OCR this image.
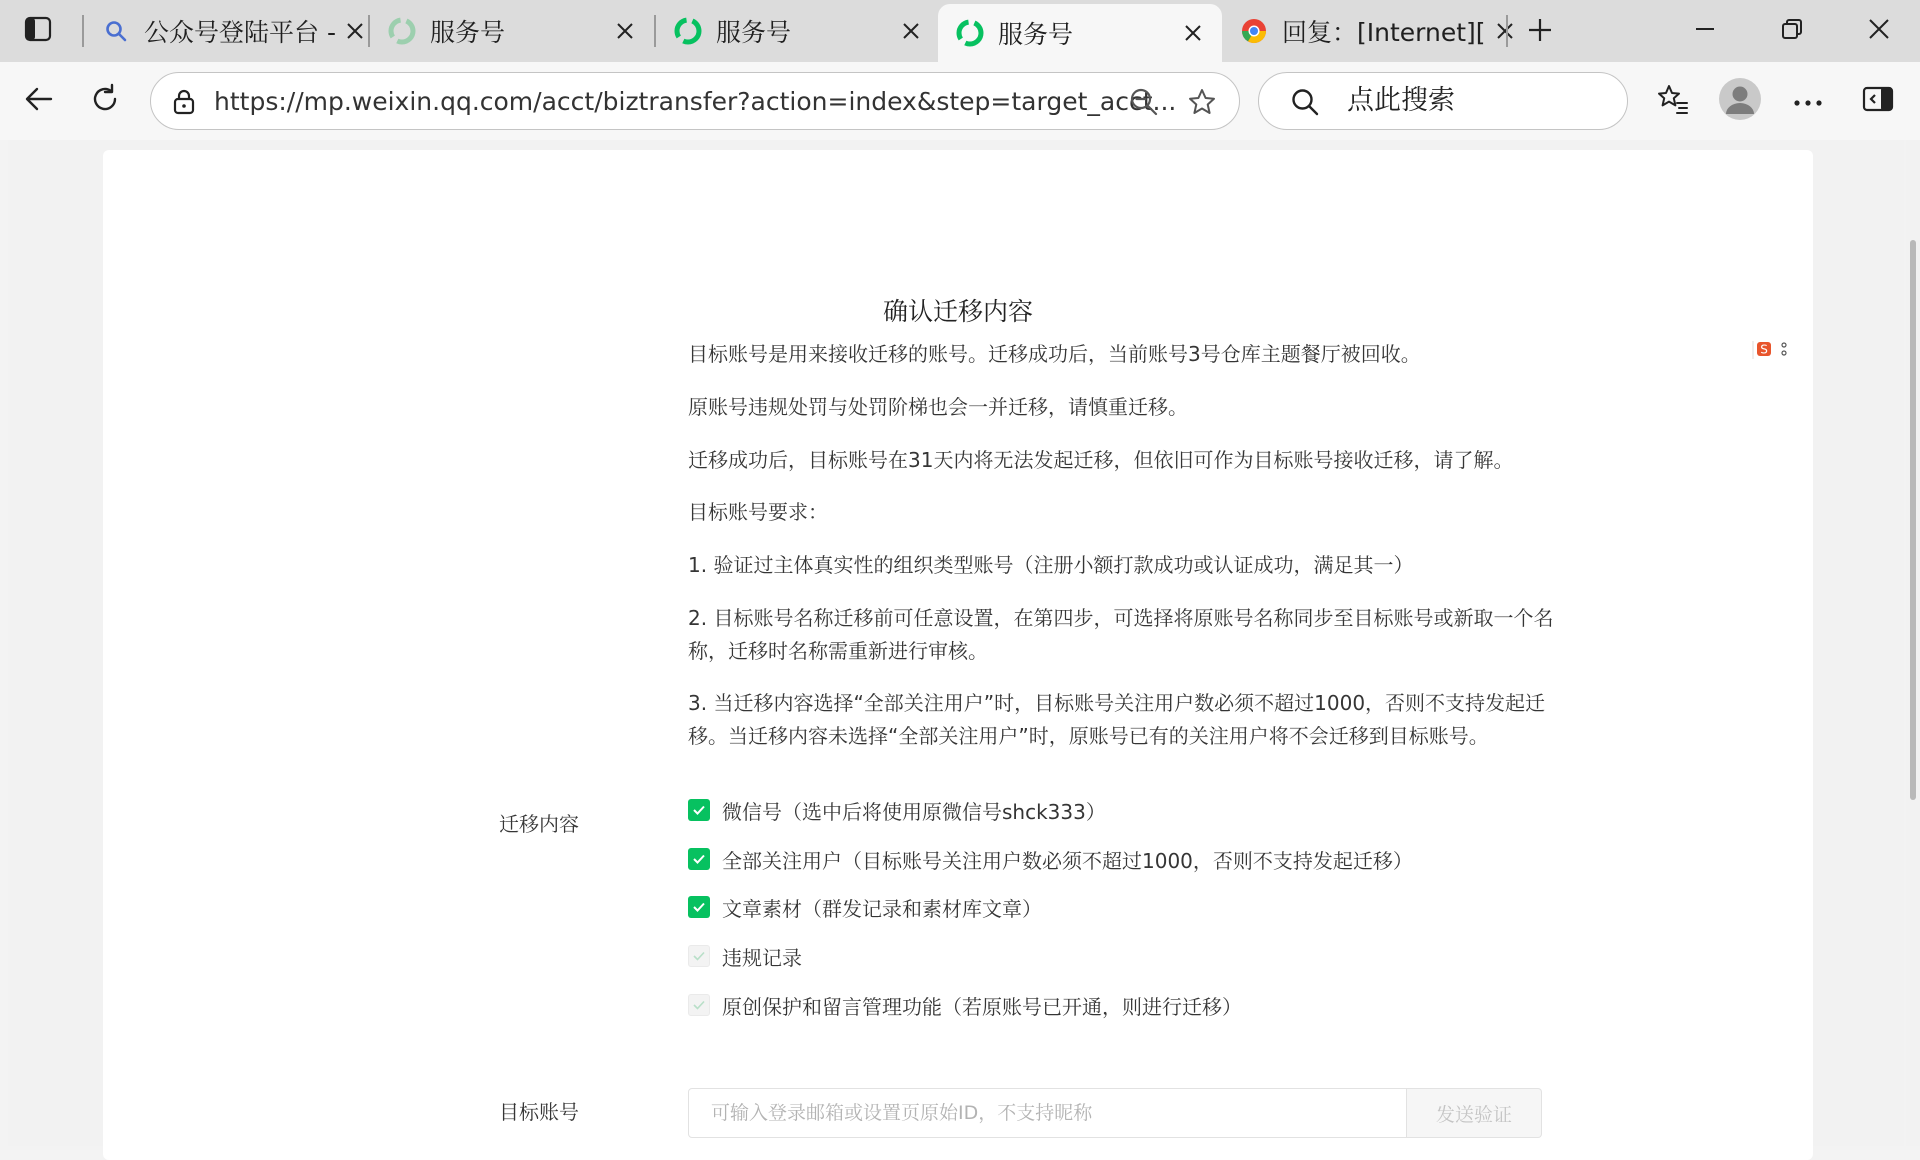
公众号登陆平台 -	服务号	服务号	服务号	回复：[Internet][
https://mp.weixin.qq.com/acct/biztransfer?action=index&step=target_acct...	点此搜索
确认迁移内容
S
目标账号是用来接收迁移的账号。迁移成功后，当前账号3号仓库主题餐厅被回收。
原账号违规处罚与处罚阶梯也会一并迁移，请慎重迁移。
迁移成功后，目标账号在31天内将无法发起迁移，但依旧可作为目标账号接收迁移，请了解。
目标账号要求：
1. 验证过主体真实性的组织类型账号（注册小额打款成功或认证成功，满足其一）
2. 目标账号名称迁移前可任意设置，在第四步，可选择将原账号名称同步至目标账号或新取一个名称，迁移时名称需重新进行审核。
3. 当迁移内容选择“全部关注用户”时，目标账号关注用户数必须不超过1000，否则不支持发起迁移。当迁移内容未选择“全部关注用户”时，原账号已有的关注用户将不会迁移到目标账号。
迁移内容
微信号（选中后将使用原微信号shck333）
全部关注用户（目标账号关注用户数必须不超过1000，否则不支持发起迁移）
文章素材（群发记录和素材库文章）
违规记录
原创保护和留言管理功能（若原账号已开通，则进行迁移）
目标账号
可输入登录邮箱或设置页原始ID，不支持昵称	发送验证
